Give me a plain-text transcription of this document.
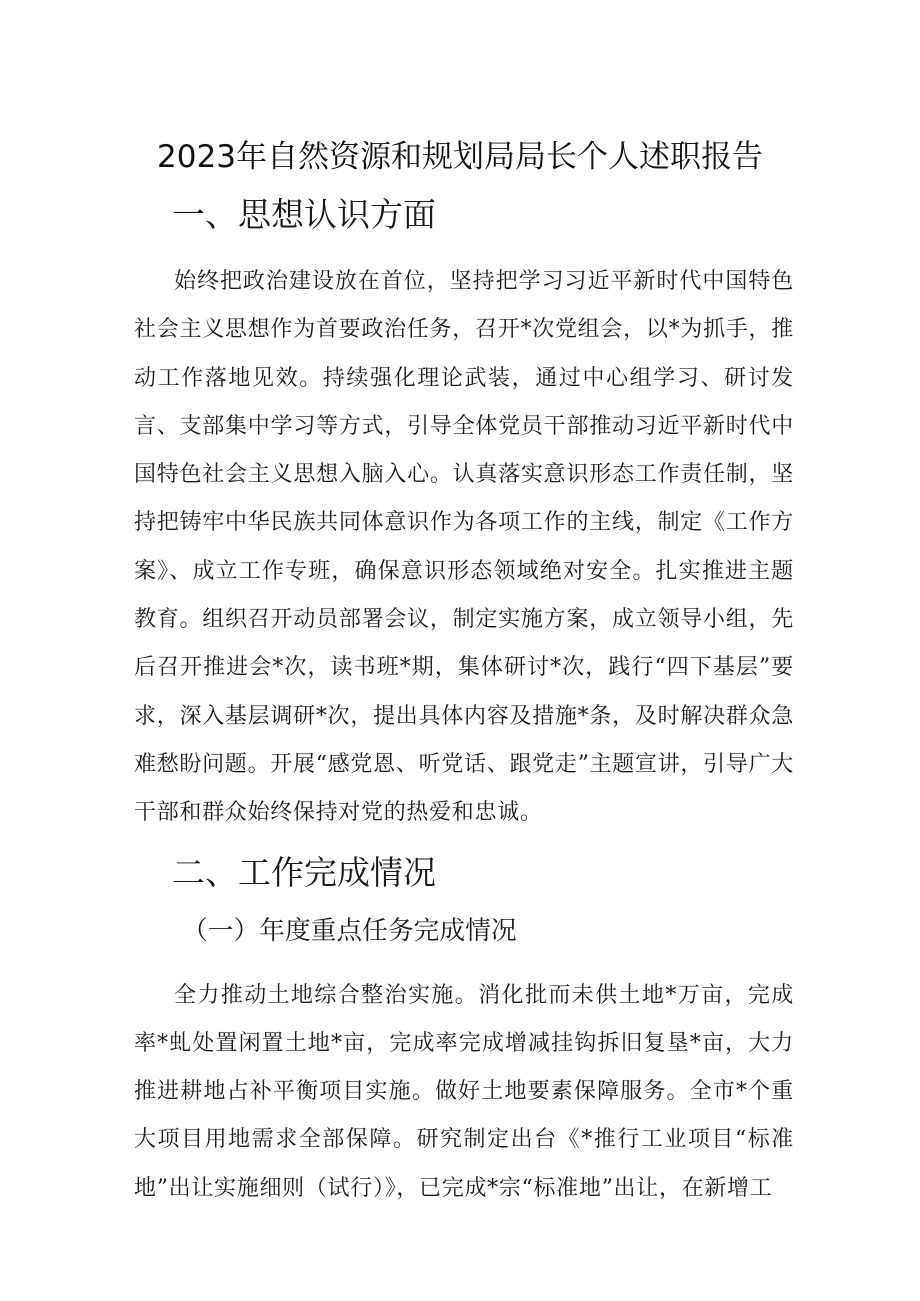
2023年自然资源和规划局局长个人述职报告
一、思想认识方面

始终把政治建设放在首位，坚持把学习习近平新时代中国特色社会主义思想作为首要政治任务，召开*次党组会，以*为抓手，推动工作落地见效。持续强化理论武装，通过中心组学习、研讨发言、支部集中学习等方式，引导全体党员干部推动习近平新时代中国特色社会主义思想入脑入心。认真落实意识形态工作责任制，坚持把铸牢中华民族共同体意识作为各项工作的主线，制定《工作方案》、成立工作专班，确保意识形态领域绝对安全。扎实推进主题教育。组织召开动员部署会议，制定实施方案，成立领导小组，先后召开推进会*次，读书班*期，集体研讨*次，践行“四下基层”要求，深入基层调研*次，提出具体内容及措施*条，及时解决群众急难愁盼问题。开展“感党恩、听党话、跟党走”主题宣讲，引导广大干部和群众始终保持对党的热爱和忠诚。

二、工作完成情况
（一）年度重点任务完成情况

全力推动土地综合整治实施。消化批而未供土地*万亩，完成率*虬处置闲置土地*亩，完成率完成增减挂钩拆旧复垦*亩，大力推进耕地占补平衡项目实施。做好土地要素保障服务。全市*个重大项目用地需求全部保障。研究制定出台《*推行工业项目“标准地”出让实施细则（试行）》，已完成*宗“标准地”出让，在新增工
